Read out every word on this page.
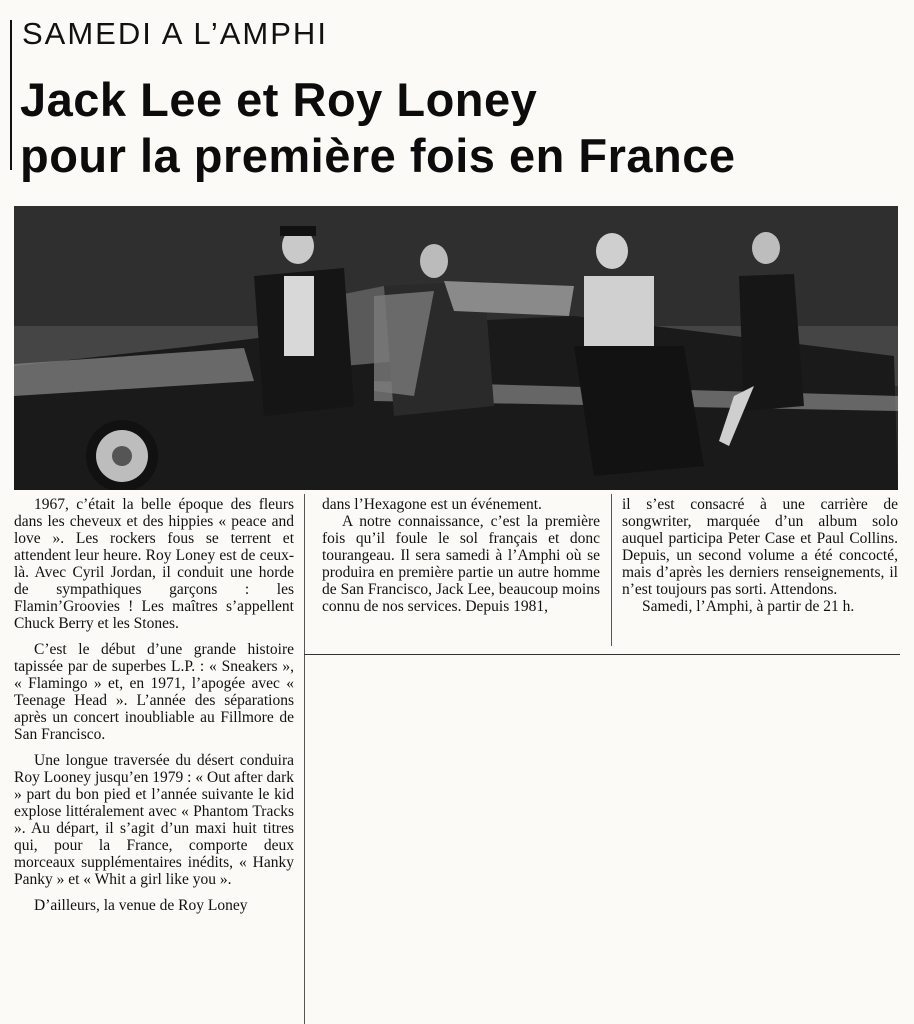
SAMEDI A L’AMPHI
Jack Lee et Roy Loney
pour la première fois en France

1967, c’était la belle époque des fleurs dans les cheveux et des hippies « peace and love ». Les rockers fous se terrent et attendent leur heure. Roy Loney est de ceux-là. Avec Cyril Jordan, il conduit une horde de sympathiques garçons : les Flamin’Groovies ! Les maîtres s’appellent Chuck Berry et les Stones.

C’est le début d’une grande histoire tapissée par de superbes L.P. : « Sneakers », « Flamingo » et, en 1971, l’apogée avec « Teenage Head ». L’année des séparations après un concert inoubliable au Fillmore de San Francisco.

Une longue traversée du désert conduira Roy Looney jusqu’en 1979 : « Out after dark » part du bon pied et l’année suivante le kid explose littéralement avec « Phantom Tracks ». Au départ, il s’agit d’un maxi huit titres qui, pour la France, comporte deux morceaux supplémentaires inédits, « Hanky Panky » et « Whit a girl like you ».

D’ailleurs, la venue de Roy Loney

dans l’Hexagone est un événement.

A notre connaissance, c’est la première fois qu’il foule le sol français et donc tourangeau. Il sera samedi à l’Amphi où se produira en première partie un autre homme de San Francisco, Jack Lee, beaucoup moins connu de nos services. Depuis 1981,

il s’est consacré à une carrière de songwriter, marquée d’un album solo auquel participa Peter Case et Paul Collins. Depuis, un second volume a été concocté, mais d’après les derniers renseignements, il n’est toujours pas sorti. Attendons.

Samedi, l’Amphi, à partir de 21 h.
